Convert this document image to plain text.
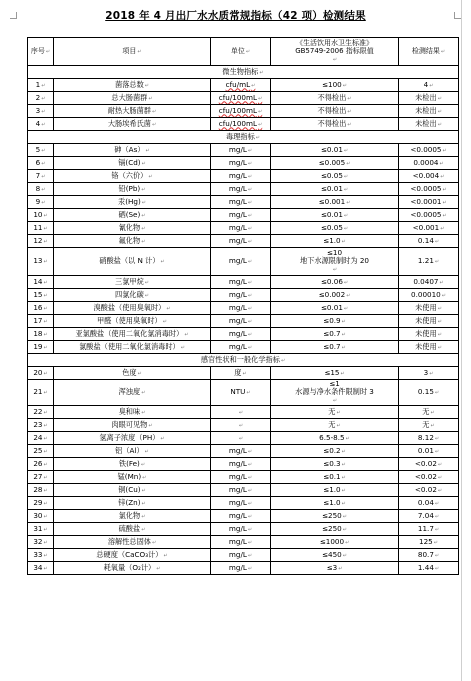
2018 年 4 月出厂水水质常规指标（42 项）检测结果
序号 ↵	项目 ↵	单位 ↵	《生活饮用水卫生标准》
GB5749-2006 指标限值
↵	检测结果 ↵
微生物指标 ↵
1 ↵	菌落总数 ↵	cfu/mL ↵	≤100 ↵	4 ↵
2 ↵	总大肠菌群 ↵	cfu/100mL ↵	不得检出 ↵	未检出 ↵
3 ↵	耐热大肠菌群 ↵	cfu/100mL ↵	不得检出 ↵	未检出 ↵
4 ↵	大肠埃希氏菌 ↵	cfu/100mL ↵	不得检出 ↵	未检出 ↵
毒理指标 ↵
5 ↵	砷（As） ↵	mg/L ↵	≤0.01 ↵	<0.0005 ↵
6 ↵	镉(Cd) ↵	mg/L ↵	≤0.005 ↵	0.0004 ↵
7 ↵	铬（六价） ↵	mg/L ↵	≤0.05 ↵	<0.004 ↵
8 ↵	铅(Pb) ↵	mg/L ↵	≤0.01 ↵	<0.0005 ↵
9 ↵	汞(Hg) ↵	mg/L ↵	≤0.001 ↵	<0.0001 ↵
10 ↵	硒(Se) ↵	mg/L ↵	≤0.01 ↵	<0.0005 ↵
11 ↵	氰化物 ↵	mg/L ↵	≤0.05 ↵	<0.001 ↵
12 ↵	氟化物 ↵	mg/L ↵	≤1.0 ↵	0.14 ↵
13 ↵	硝酸盐（以 N 计） ↵	mg/L ↵	≤10
地下水源限制时为 20
↵	1.21 ↵
14 ↵	三氯甲烷 ↵	mg/L ↵	≤0.06 ↵	0.0407 ↵
15 ↵	四氯化碳 ↵	mg/L ↵	≤0.002 ↵	0.00010 ↵
16 ↵	溴酸盐（使用臭氧时） ↵	mg/L ↵	≤0.01 ↵	未使用 ↵
17 ↵	甲醛（使用臭氧时） ↵	mg/L ↵	≤0.9 ↵	未使用 ↵
18 ↵	亚氯酸盐（使用二氧化氯消毒时） ↵	mg/L ↵	≤0.7 ↵	未使用 ↵
19 ↵	氯酸盐（使用二氧化氯消毒时） ↵	mg/L ↵	≤0.7 ↵	未使用 ↵
感官性状和一般化学指标 ↵
20 ↵	色度 ↵	度 ↵	≤15 ↵	3 ↵
21 ↵	浑浊度 ↵	NTU ↵	≤1
水源与净水条件限制时 3
↵	0.15 ↵
22 ↵	臭和味 ↵	↵	无 ↵	无 ↵
23 ↵	肉眼可见物 ↵	↵	无 ↵	无 ↵
24 ↵	氢离子浓度（PH） ↵	↵	6.5-8.5 ↵	8.12 ↵
25 ↵	铝（Al） ↵	mg/L ↵	≤0.2 ↵	0.01 ↵
26 ↵	铁(Fe) ↵	mg/L ↵	≤0.3 ↵	<0.02 ↵
27 ↵	锰(Mn) ↵	mg/L ↵	≤0.1 ↵	<0.02 ↵
28 ↵	铜(Cu) ↵	mg/L ↵	≤1.0 ↵	<0.02 ↵
29 ↵	锌(Zn) ↵	mg/L ↵	≤1.0 ↵	0.04 ↵
30 ↵	氯化物 ↵	mg/L ↵	≤250 ↵	7.04 ↵
31 ↵	硫酸盐 ↵	mg/L ↵	≤250 ↵	11.7 ↵
32 ↵	溶解性总固体 ↵	mg/L ↵	≤1000 ↵	125 ↵
33 ↵	总硬度（CaCO₃计） ↵	mg/L ↵	≤450 ↵	80.7 ↵
34 ↵	耗氧量（O₂计） ↵	mg/L ↵	≤3 ↵	1.44 ↵
